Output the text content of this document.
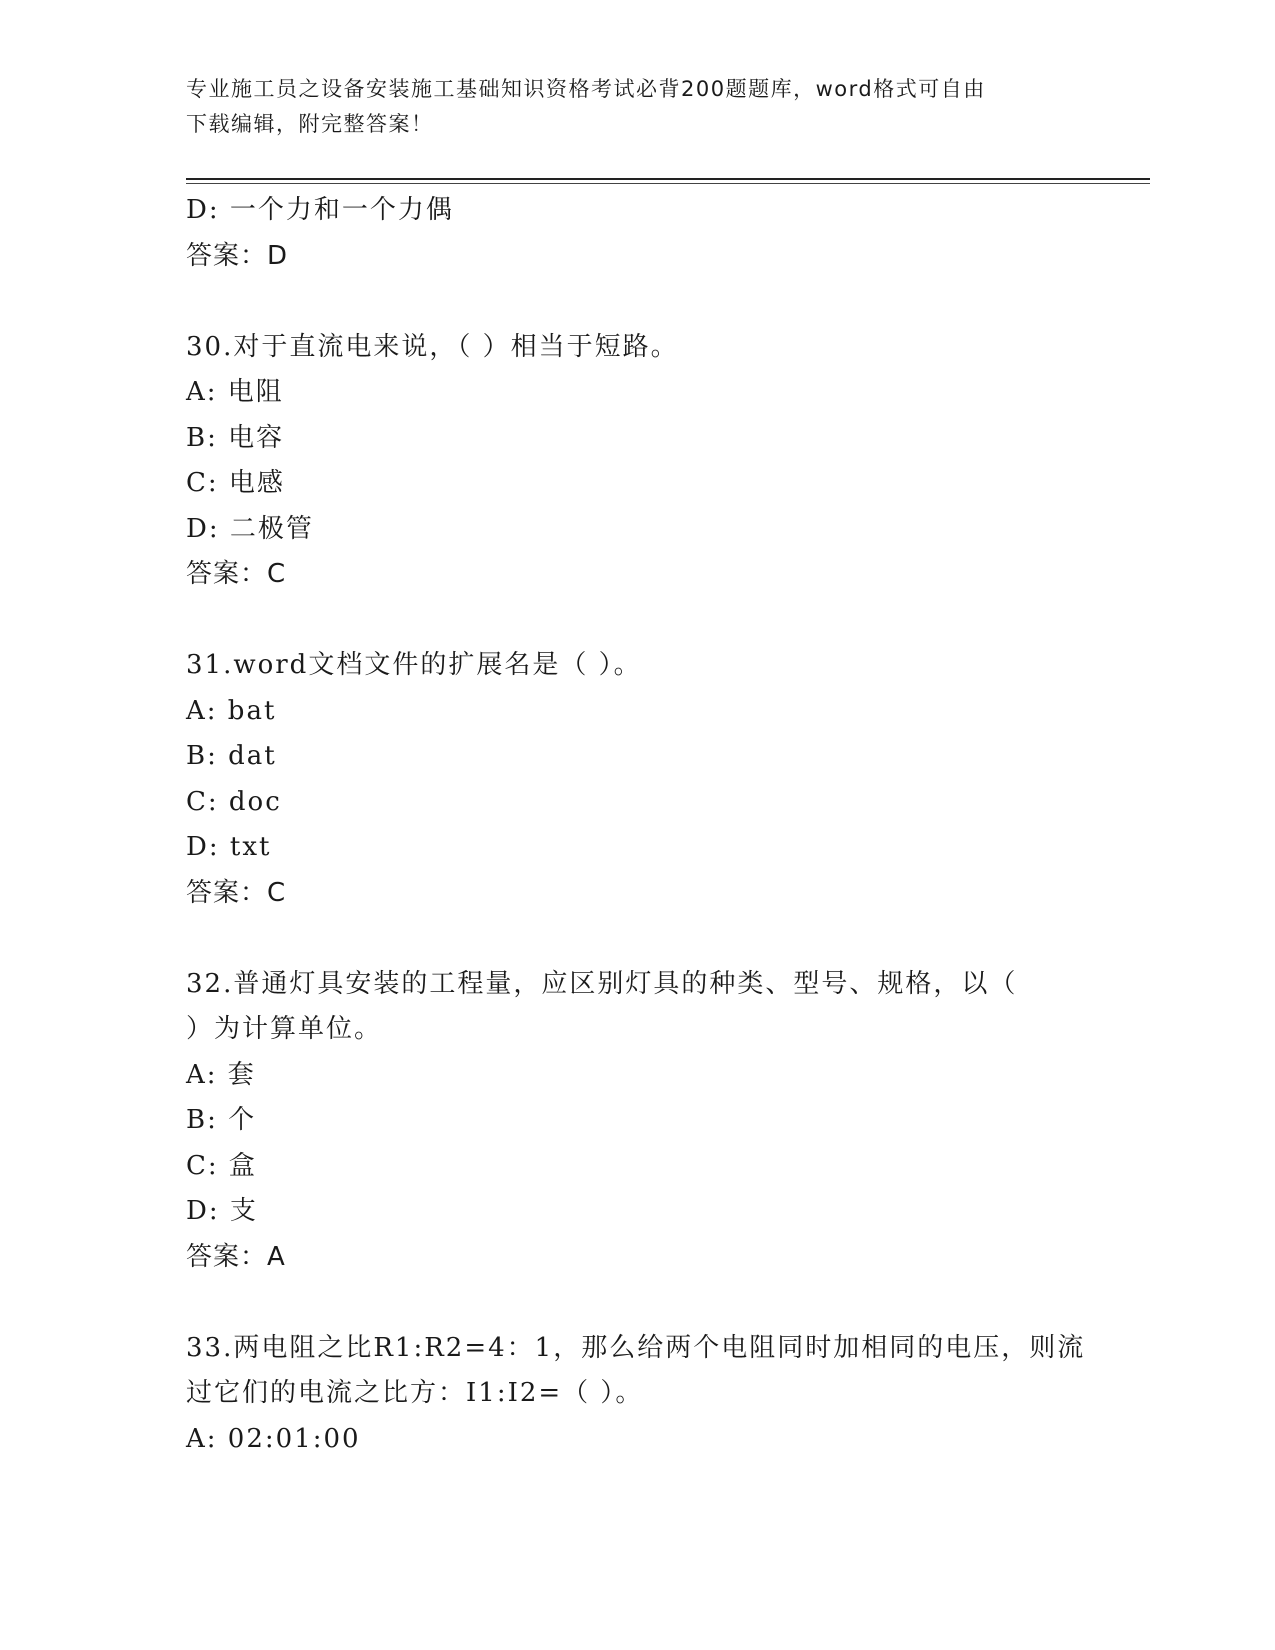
专业施工员之设备安装施工基础知识资格考试必背200题题库，word格式可自由
下载编辑，附完整答案！
D: 一个力和一个力偶
答案：D
30.对于直流电来说，（ ）相当于短路。
A: 电阻
B: 电容
C: 电感
D: 二极管
答案：C
31.word文档文件的扩展名是（ ）。
A: bat
B: dat
C: doc
D: txt
答案：C
32.普通灯具安装的工程量，应区别灯具的种类、型号、规格，以（
）为计算单位。
A: 套
B: 个
C: 盒
D: 支
答案：A
33.两电阻之比R1:R2=4：1，那么给两个电阻同时加相同的电压，则流
过它们的电流之比方：I1:I2=（ ）。
A: 02:01:00
